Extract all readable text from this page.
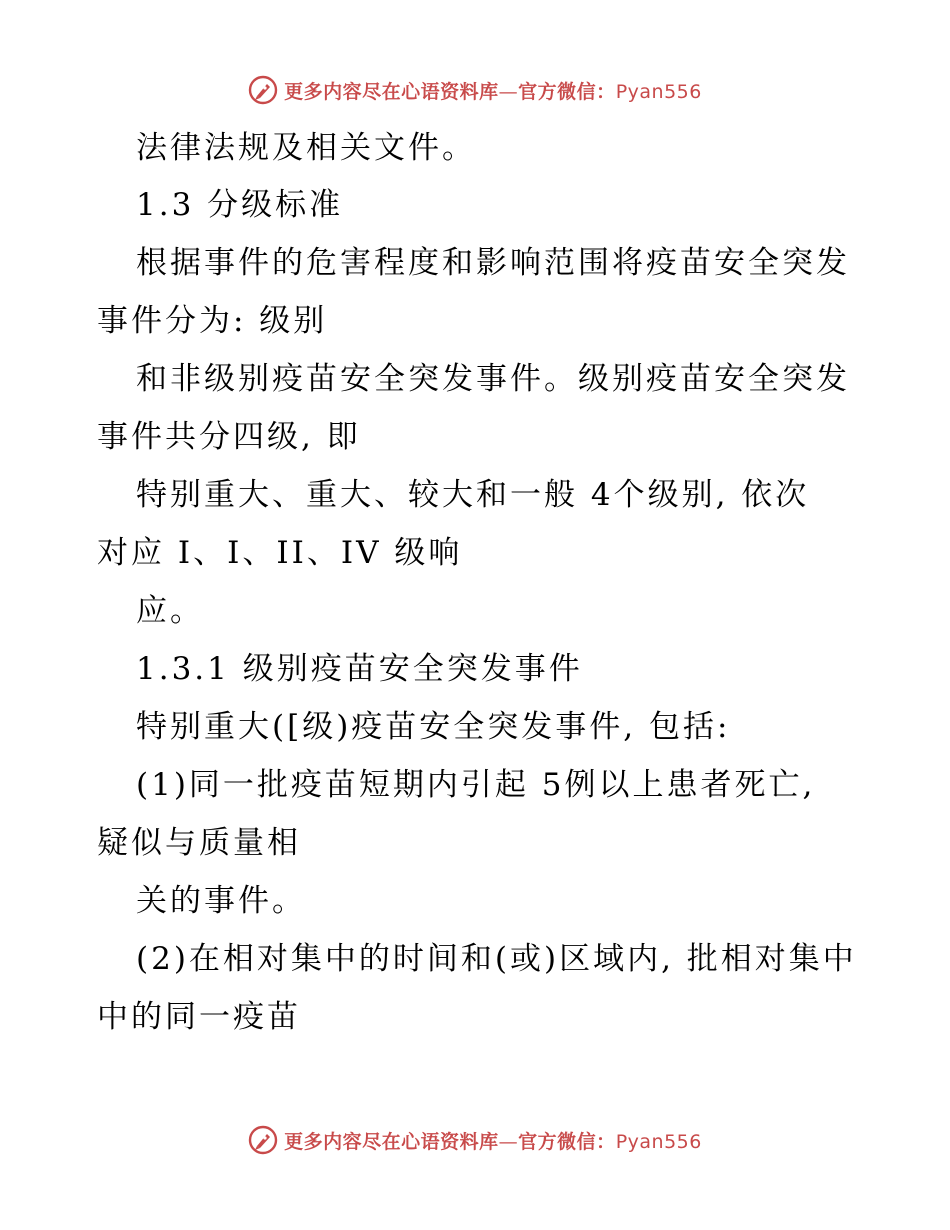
更多内容尽在心语资料库—官方微信：Pyan556
法律法规及相关文件。
1.3 分级标准
根据事件的危害程度和影响范围将疫苗安全突发
事件分为: 级别
和非级别疫苗安全突发事件。级别疫苗安全突发
事件共分四级, 即
特别重大、重大、较大和一般 4个级别, 依次
对应 I、I、II、IV 级响
应。
1.3.1 级别疫苗安全突发事件
特别重大([级)疫苗安全突发事件, 包括:
(1)同一批疫苗短期内引起 5例以上患者死亡,
疑似与质量相
关的事件。
(2)在相对集中的时间和(或)区域内, 批相对集中
中的同一疫苗
更多内容尽在心语资料库—官方微信：Pyan556
